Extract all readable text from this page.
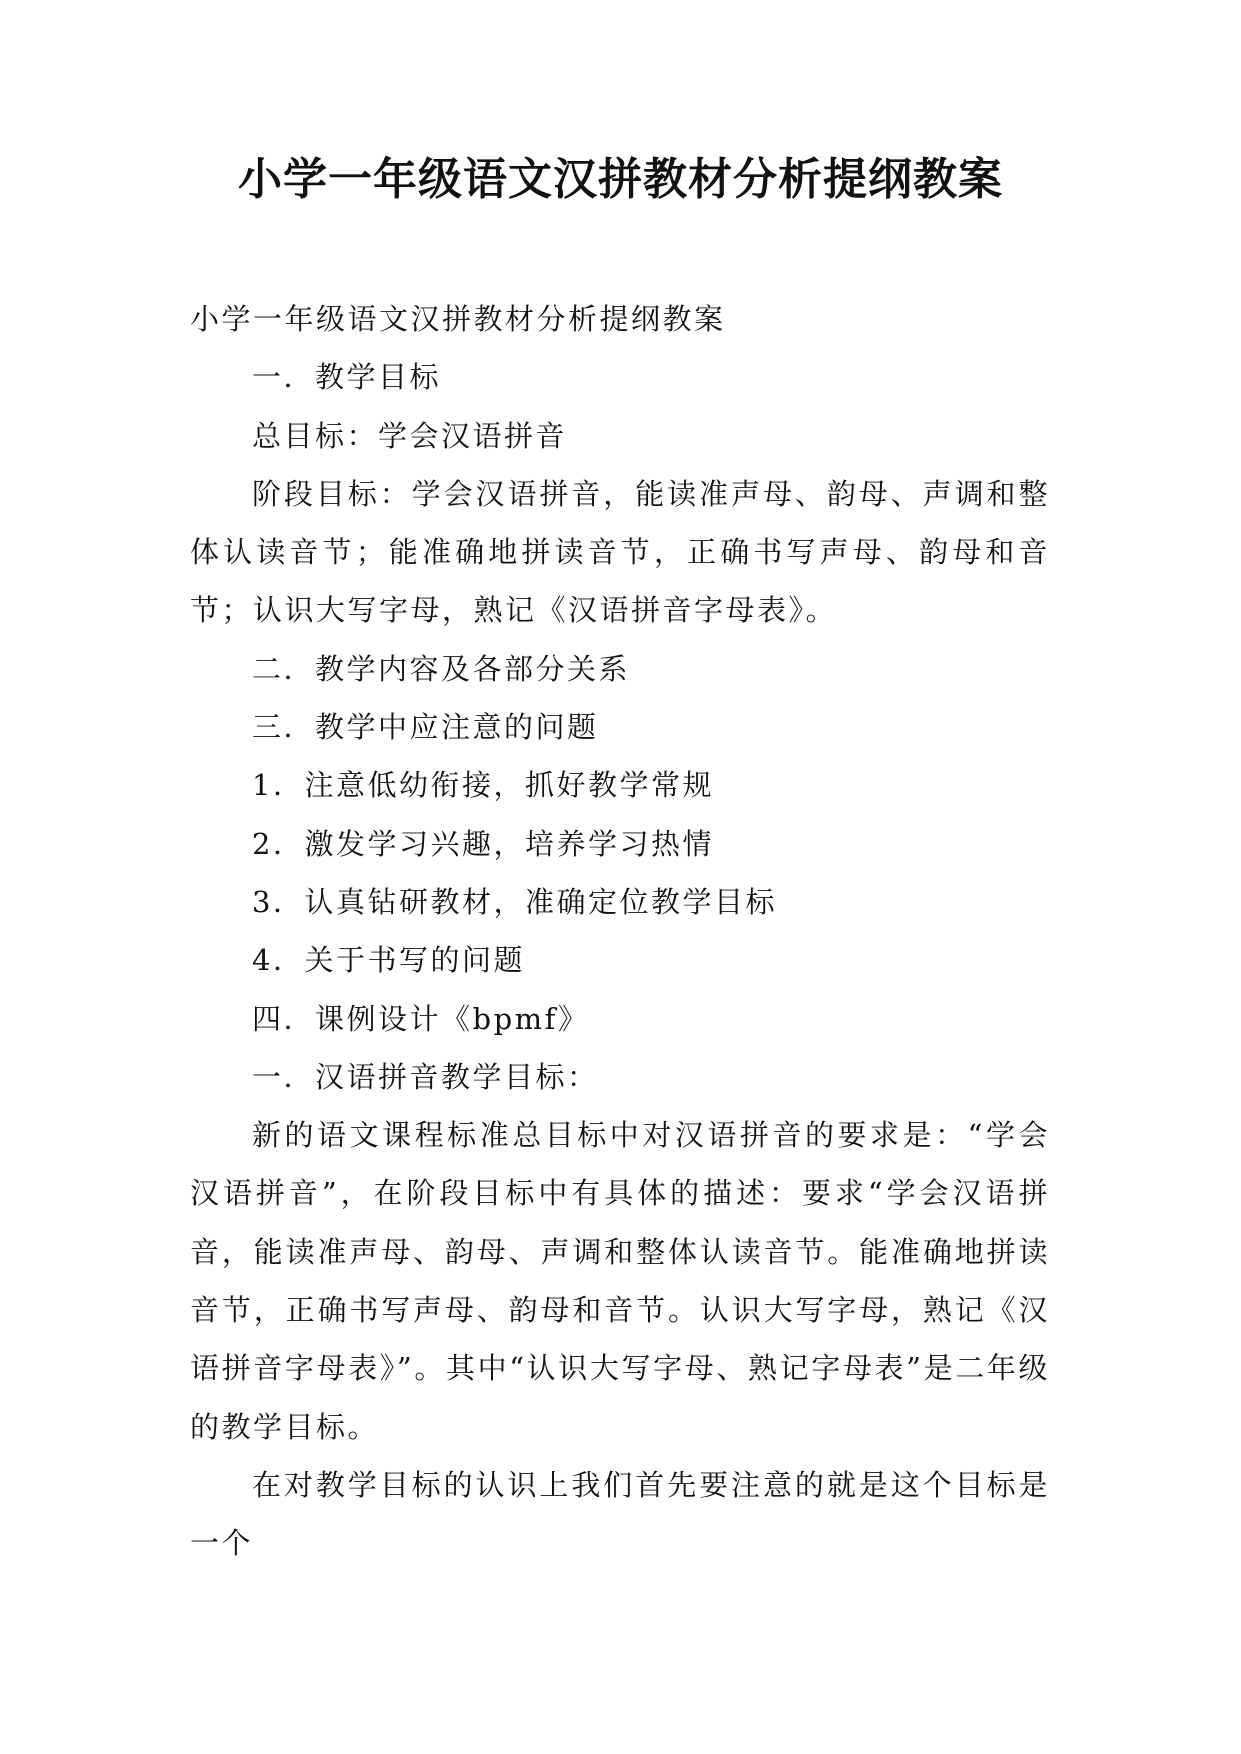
小学一年级语文汉拼教材分析提纲教案

小学一年级语文汉拼教材分析提纲教案

一．教学目标

总目标：学会汉语拼音

阶段目标：学会汉语拼音，能读准声母、韵母、声调和整体认读音节；能准确地拼读音节，正确书写声母、韵母和音节；认识大写字母，熟记《汉语拼音字母表》。

二．教学内容及各部分关系

三．教学中应注意的问题

1．注意低幼衔接，抓好教学常规

2．激发学习兴趣，培养学习热情

3．认真钻研教材，准确定位教学目标

4．关于书写的问题

四．课例设计《bpmf》

一．汉语拼音教学目标：

新的语文课程标准总目标中对汉语拼音的要求是：“学会汉语拼音”，在阶段目标中有具体的描述：要求“学会汉语拼音，能读准声母、韵母、声调和整体认读音节。能准确地拼读音节，正确书写声母、韵母和音节。认识大写字母，熟记《汉语拼音字母表》”。其中“认识大写字母、熟记字母表”是二年级的教学目标。

在对教学目标的认识上我们首先要注意的就是这个目标是一个
